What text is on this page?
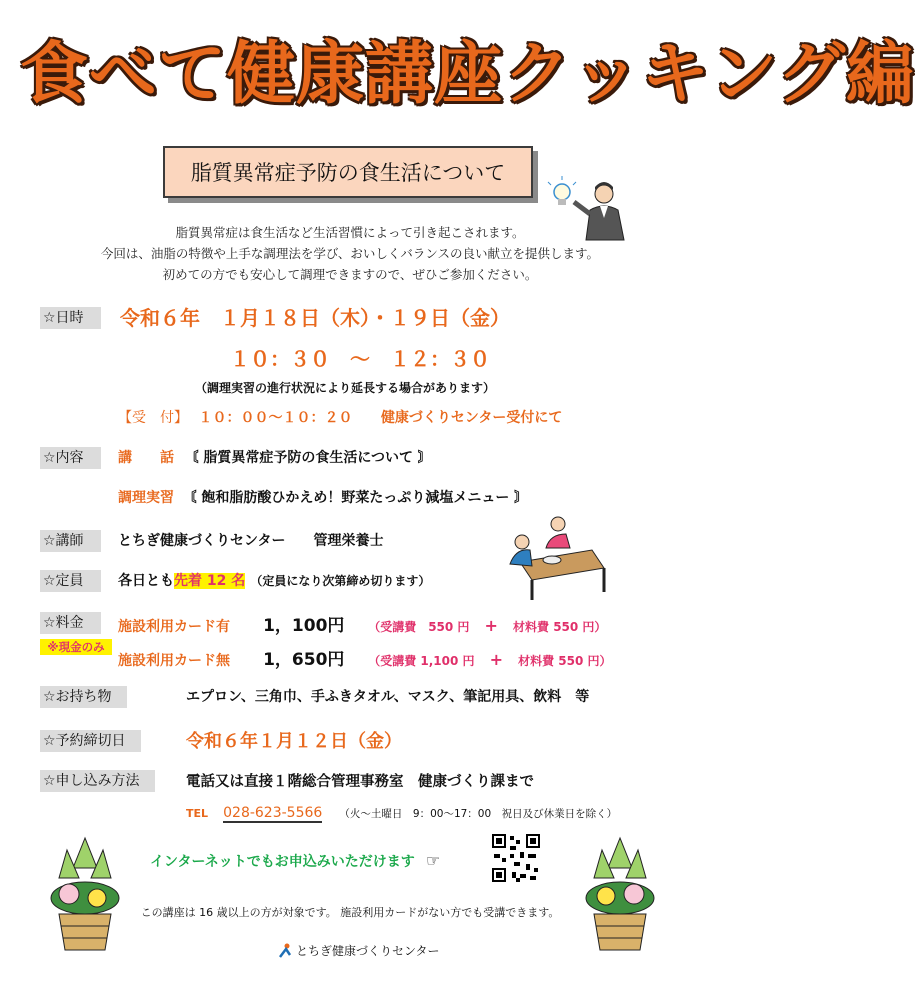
食べて健康講座クッキング編
脂質異常症予防の食生活について
脂質異常症は食生活など生活習慣によって引き起こされます。
今回は、油脂の特徴や上手な調理法を学び、おいしくバランスの良い献立を提供します。
初めての方でも安心して調理できますので、ぜひご参加ください。
☆日時	令和６年　１月１８日（木）・１９日（金）
１０：３０　～　１２：３０
（調理実習の進行状況により延長する場合があります）
【受　付】 １０：００～１０：２０ 健康づくりセンター受付にて
☆内容	講　　話 〘 脂質異常症予防の食生活について 〙
調理実習 〘 飽和脂肪酸ひかえめ！野菜たっぷり減塩メニュー 〙
☆講師	とちぎ健康づくりセンター　　管理栄養士
☆定員	各日とも先着 12 名 （定員になり次第締め切ります）
☆料金
※現金のみ
施設利用カード有 1，100円 （受講費　550 円 + 材料費 550 円）
施設利用カード無 1，650円 （受講費 1,100 円 + 材料費 550 円）
☆お持ち物	エプロン、三角巾、手ふきタオル、マスク、筆記用具、飲料　等
☆予約締切日	令和６年１月１２日（金）
☆申し込み方法	電話又は直接１階総合管理事務室　健康づくり課まで
TEL 028-623-5566 （火～土曜日　9：00～17：00　祝日及び休業日を除く）
インターネットでもお申込みいただけます ☞
この講座は 16 歳以上の方が対象です。 施設利用カードがない方でも受講できます。
とちぎ健康づくりセンター
